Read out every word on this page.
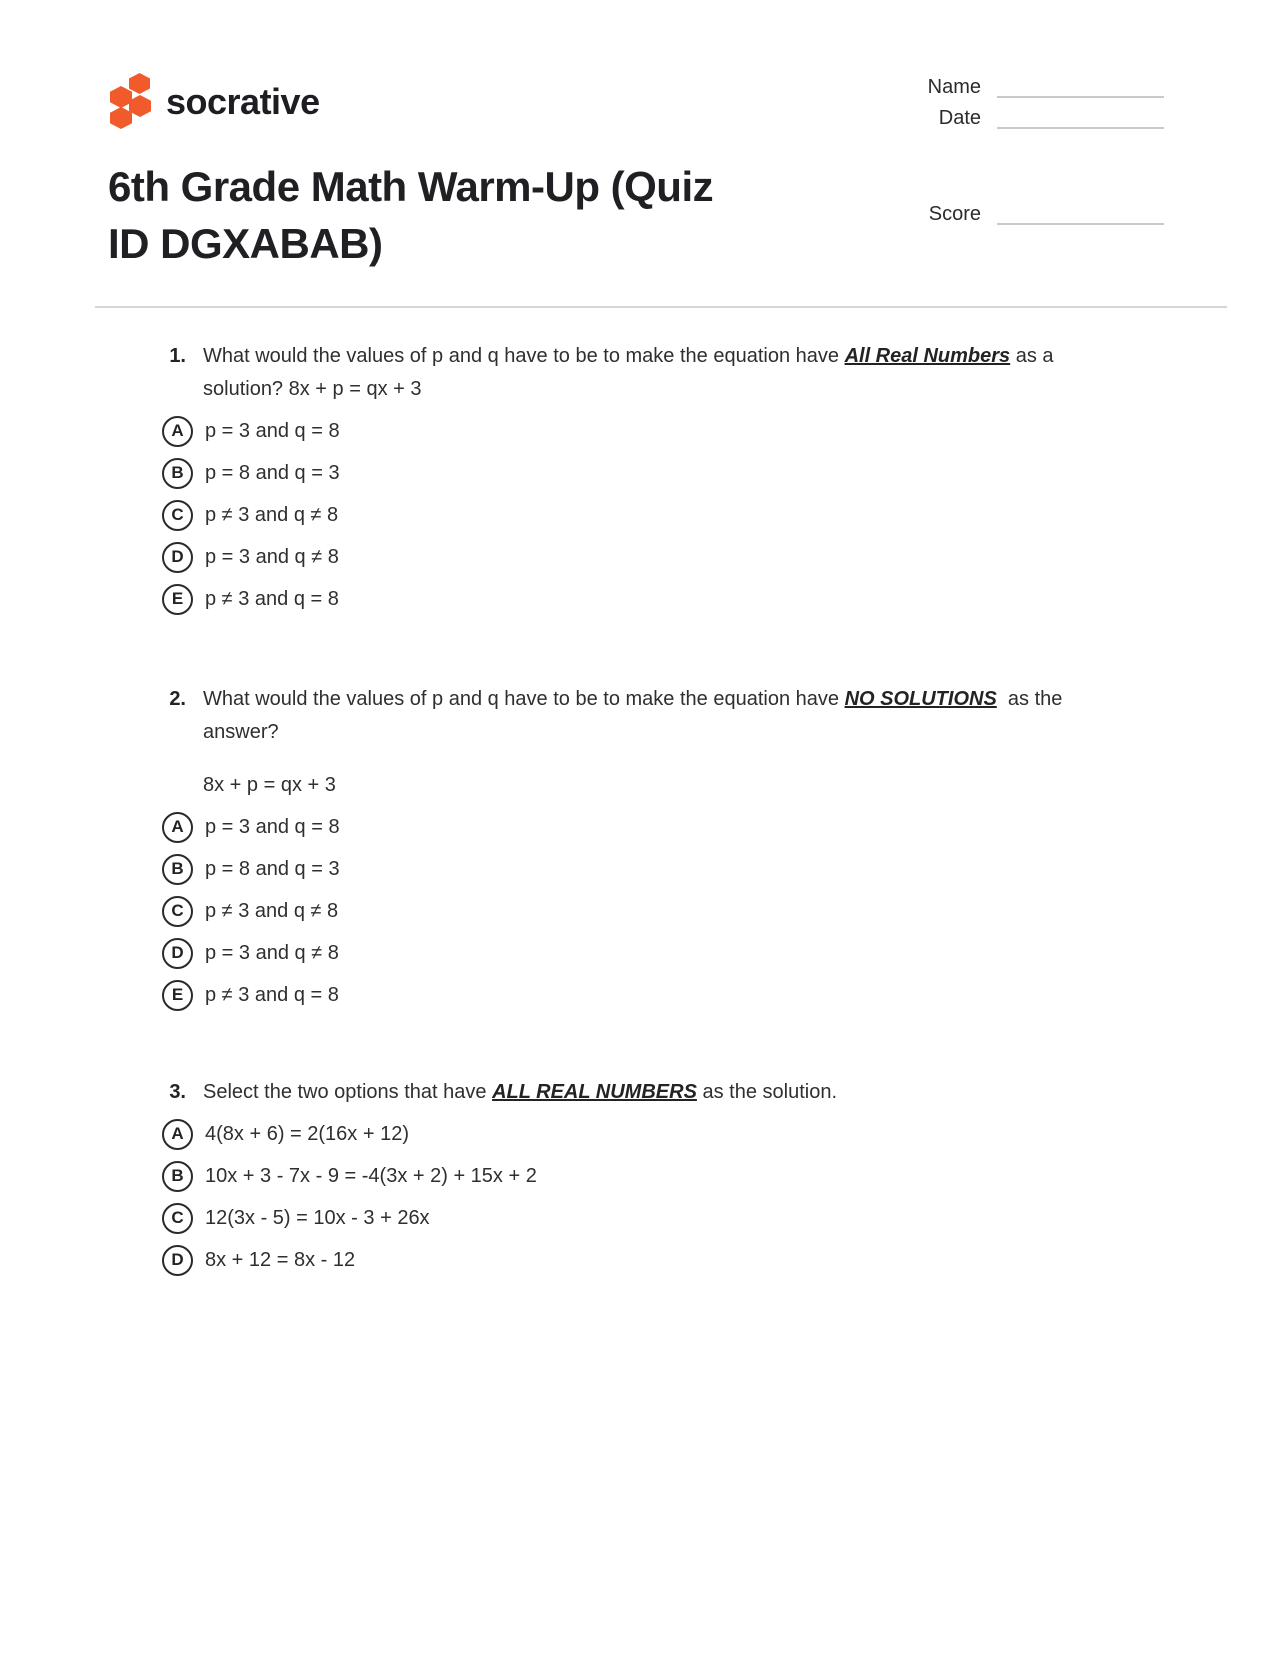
socrative	Name
Date
6th Grade Math Warm-Up (Quiz
ID DGXABAB)
Score
1. What would the values of p and q have to be to make the equation have All Real Numbers as a solution? 8x + p = qx + 3
A	p = 3 and q = 8
B	p = 8 and q = 3
C	p ≠ 3 and q ≠ 8
D	p = 3 and q ≠ 8
E	p ≠ 3 and q = 8
2. What would the values of p and q have to be to make the equation have NO SOLUTIONS as the answer?
8x + p = qx + 3
A	p = 3 and q = 8
B	p = 8 and q = 3
C	p ≠ 3 and q ≠ 8
D	p = 3 and q ≠ 8
E	p ≠ 3 and q = 8
3. Select the two options that have ALL REAL NUMBERS as the solution.
A	4(8x + 6) = 2(16x + 12)
B	10x + 3 - 7x - 9 = -4(3x + 2) + 15x + 2
C	12(3x - 5) = 10x - 3 + 26x
D	8x + 12 = 8x - 12
